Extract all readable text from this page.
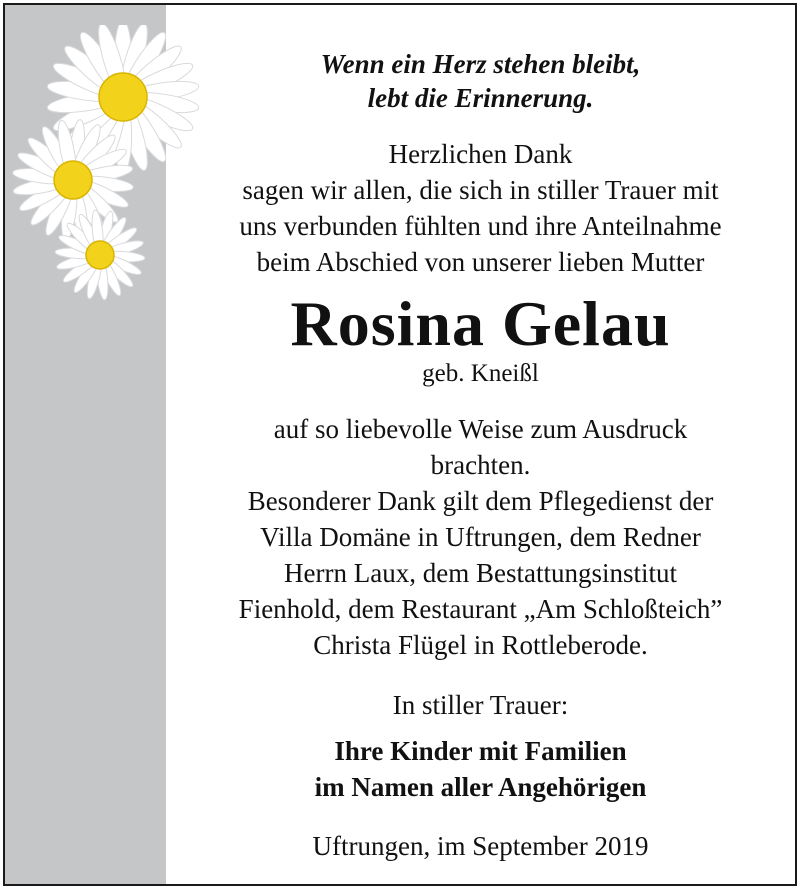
Wenn ein Herz stehen bleibt,
lebt die Erinnerung.
Herzlichen Dank
sagen wir allen, die sich in stiller Trauer mit
uns verbunden fühlten und ihre Anteilnahme
beim Abschied von unserer lieben Mutter
Rosina Gelau
geb. Kneißl
auf so liebevolle Weise zum Ausdruck
brachten.
Besonderer Dank gilt dem Pflegedienst der
Villa Domäne in Uftrungen, dem Redner
Herrn Laux, dem Bestattungsinstitut
Fienhold, dem Restaurant „Am Schloßteich”
Christa Flügel in Rottleberode.
In stiller Trauer:
Ihre Kinder mit Familien
im Namen aller Angehörigen
Uftrungen, im September 2019
